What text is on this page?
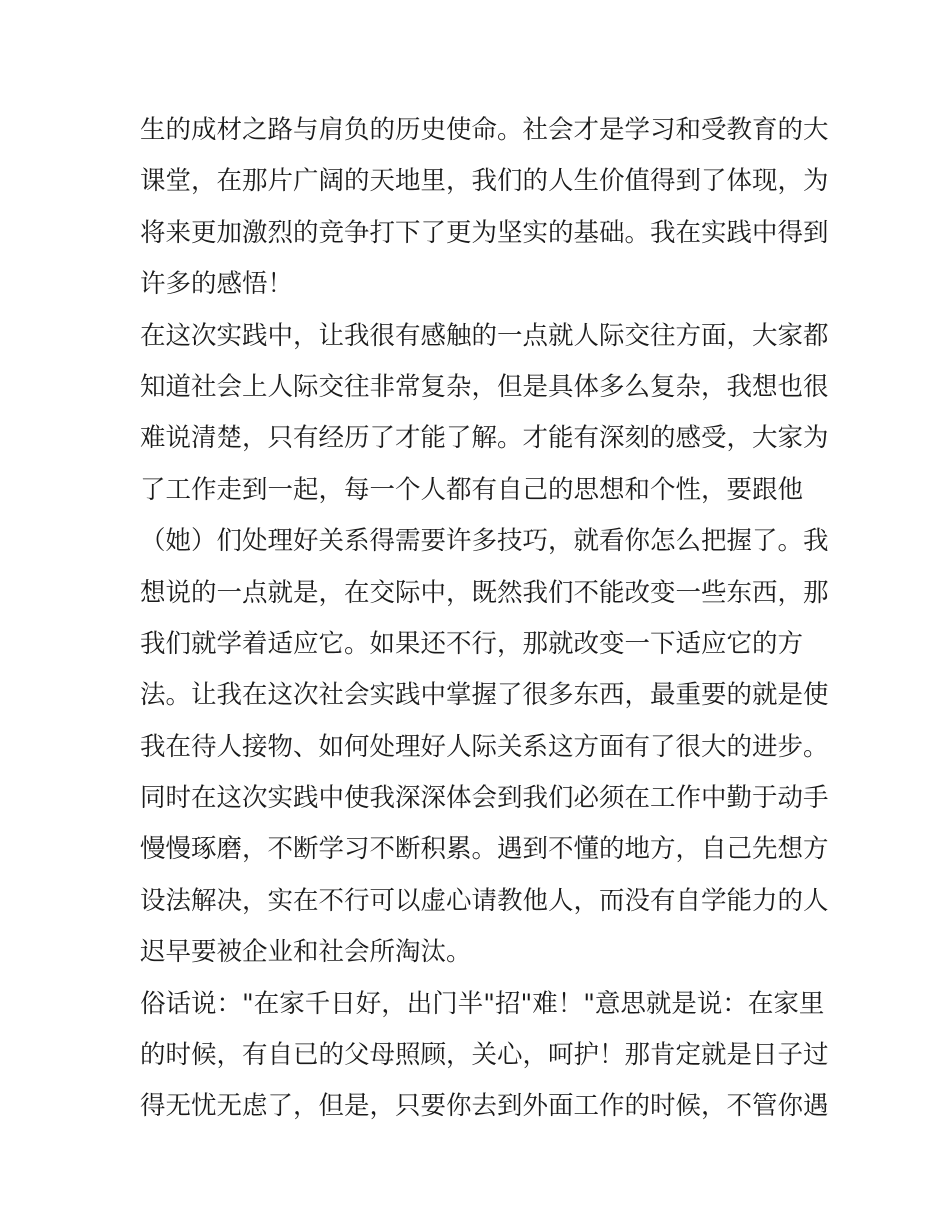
生的成材之路与肩负的历史使命。社会才是学习和受教育的大
课堂，在那片广阔的天地里，我们的人生价值得到了体现，为
将来更加激烈的竞争打下了更为坚实的基础。我在实践中得到
许多的感悟！
在这次实践中，让我很有感触的一点就人际交往方面，大家都
知道社会上人际交往非常复杂，但是具体多么复杂，我想也很
难说清楚，只有经历了才能了解。才能有深刻的感受，大家为
了工作走到一起，每一个人都有自己的思想和个性，要跟他
（她）们处理好关系得需要许多技巧，就看你怎么把握了。我
想说的一点就是，在交际中，既然我们不能改变一些东西，那
我们就学着适应它。如果还不行，那就改变一下适应它的方
法。让我在这次社会实践中掌握了很多东西，最重要的就是使
我在待人接物、如何处理好人际关系这方面有了很大的进步。
同时在这次实践中使我深深体会到我们必须在工作中勤于动手
慢慢琢磨，不断学习不断积累。遇到不懂的地方，自己先想方
设法解决，实在不行可以虚心请教他人，而没有自学能力的人
迟早要被企业和社会所淘汰。
俗话说："在家千日好，出门半"招"难！"意思就是说：在家里
的时候，有自已的父母照顾，关心，呵护！那肯定就是日子过
得无忧无虑了，但是，只要你去到外面工作的时候，不管你遇
